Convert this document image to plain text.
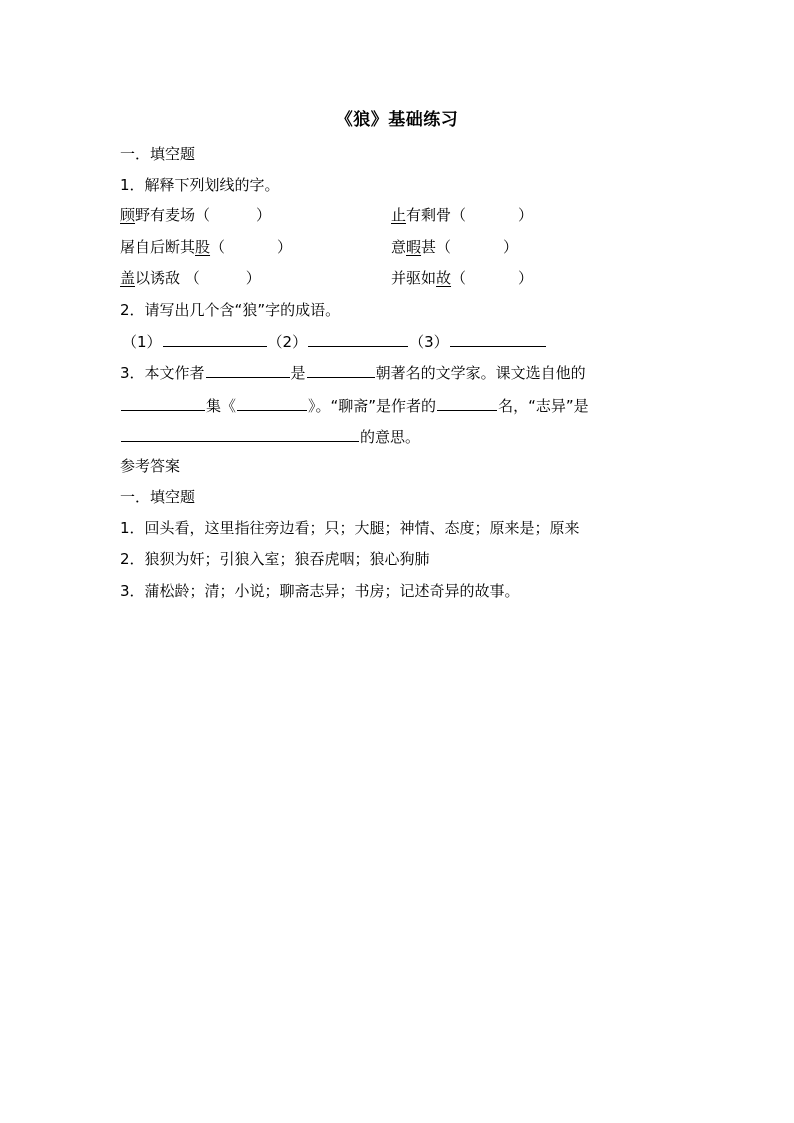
《狼》基础练习
一．填空题
1．解释下列划线的字。
顾野有麦场（	）	止有剩骨（	）
屠自后断其股（	）	意暇甚（	）
盖以诱敌 （	）	并驱如故（	）
2．请写出几个含“狼”字的成语。
（1）	（2）	（3）
3．本文作者	是	朝著名的文学家。课文选自他的
集《	》。“聊斋”是作者的	名，“志异”是
的意思。
参考答案
一．填空题
1．回头看，这里指往旁边看；只；大腿；神情、态度；原来是；原来
2．狼狈为奸；引狼入室；狼吞虎咽；狼心狗肺
3．蒲松龄；清；小说；聊斋志异；书房；记述奇异的故事。
